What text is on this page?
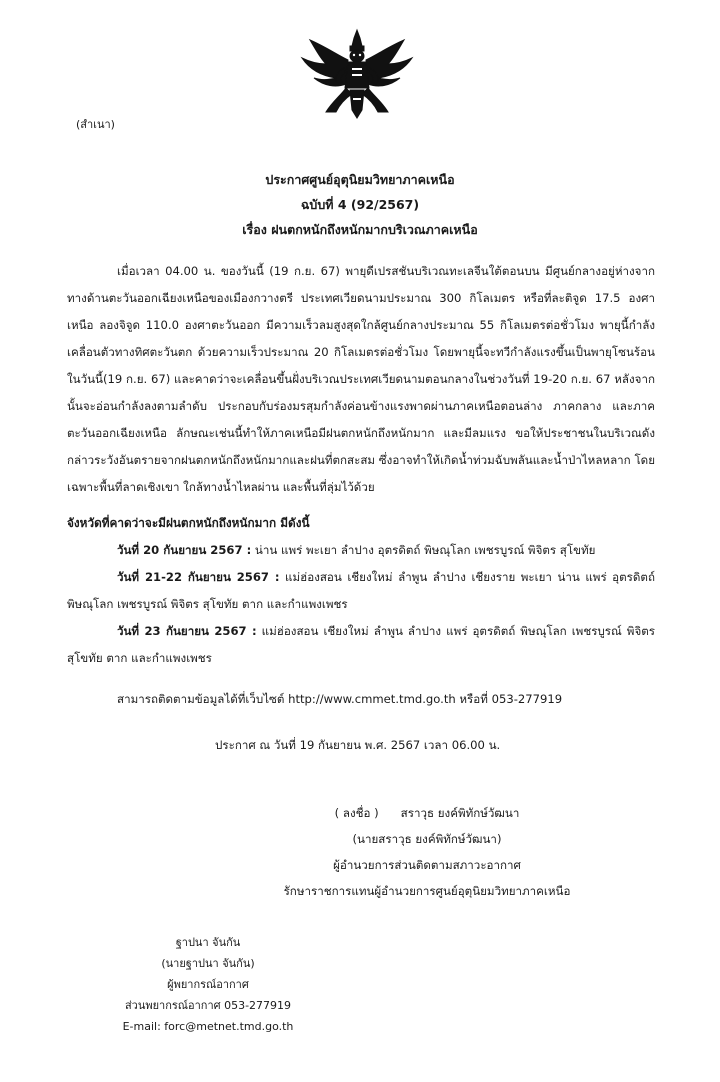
(สำเนา)
ประกาศศูนย์อุตุนิยมวิทยาภาคเหนือ
ฉบับที่ 4 (92/2567)
เรื่อง ฝนตกหนักถึงหนักมากบริเวณภาคเหนือ
เมื่อเวลา 04.00 น. ของวันนี้ (19 ก.ย. 67) พายุดีเปรสชันบริเวณทะเลจีนใต้ตอนบน มีศูนย์กลางอยู่ห่างจากทางด้านตะวันออกเฉียงเหนือของเมืองกวางตรี ประเทศเวียดนามประมาณ 300 กิโลเมตร หรือที่ละติจูด 17.5 องศาเหนือ ลองจิจูด 110.0 องศาตะวันออก มีความเร็วลมสูงสุดใกล้ศูนย์กลางประมาณ 55 กิโลเมตรต่อชั่วโมง พายุนี้กำลังเคลื่อนตัวทางทิศตะวันตก ด้วยความเร็วประมาณ 20 กิโลเมตรต่อชั่วโมง โดยพายุนี้จะทวีกำลังแรงขึ้นเป็นพายุโซนร้อนในวันนี้(19 ก.ย. 67) และคาดว่าจะเคลื่อนขึ้นฝั่งบริเวณประเทศเวียดนามตอนกลางในช่วงวันที่ 19-20 ก.ย. 67 หลังจากนั้นจะอ่อนกำลังลงตามลำดับ ประกอบกับร่องมรสุมกำลังค่อนข้างแรงพาดผ่านภาคเหนือตอนล่าง ภาคกลาง และภาคตะวันออกเฉียงเหนือ ลักษณะเช่นนี้ทำให้ภาคเหนือมีฝนตกหนักถึงหนักมาก และมีลมแรง ขอให้ประชาชนในบริเวณดังกล่าวระวังอันตรายจากฝนตกหนักถึงหนักมากและฝนที่ตกสะสม ซึ่งอาจทำให้เกิดน้ำท่วมฉับพลันและน้ำป่าไหลหลาก โดยเฉพาะพื้นที่ลาดเชิงเขา ใกล้ทางน้ำไหลผ่าน และพื้นที่ลุ่มไว้ด้วย
จังหวัดที่คาดว่าจะมีฝนตกหนักถึงหนักมาก มีดังนี้
วันที่ 20 กันยายน 2567 : น่าน แพร่ พะเยา ลำปาง อุตรดิตถ์ พิษณุโลก เพชรบูรณ์ พิจิตร สุโขทัย
วันที่ 21-22 กันยายน 2567 : แม่ฮ่องสอน เชียงใหม่ ลำพูน ลำปาง เชียงราย พะเยา น่าน แพร่ อุตรดิตถ์ พิษณุโลก เพชรบูรณ์ พิจิตร สุโขทัย ตาก และกำแพงเพชร
วันที่ 23 กันยายน 2567 : แม่ฮ่องสอน เชียงใหม่ ลำพูน ลำปาง แพร่ อุตรดิตถ์ พิษณุโลก เพชรบูรณ์ พิจิตร สุโขทัย ตาก และกำแพงเพชร
สามารถติดตามข้อมูลได้ที่เว็บไซต์ http://www.cmmet.tmd.go.th หรือที่ 053-277919
ประกาศ ณ วันที่ 19 กันยายน พ.ศ. 2567 เวลา 06.00 น.
( ลงชื่อ ) สราวุธ ยงค์พิทักษ์วัฒนา
(นายสราวุธ ยงค์พิทักษ์วัฒนา)
ผู้อำนวยการส่วนติดตามสภาวะอากาศ
รักษาราชการแทนผู้อำนวยการศูนย์อุตุนิยมวิทยาภาคเหนือ
ฐาปนา จันกัน
(นายฐาปนา จันกัน)
ผู้พยากรณ์อากาศ
ส่วนพยากรณ์อากาศ 053-277919
E-mail: forc@metnet.tmd.go.th
